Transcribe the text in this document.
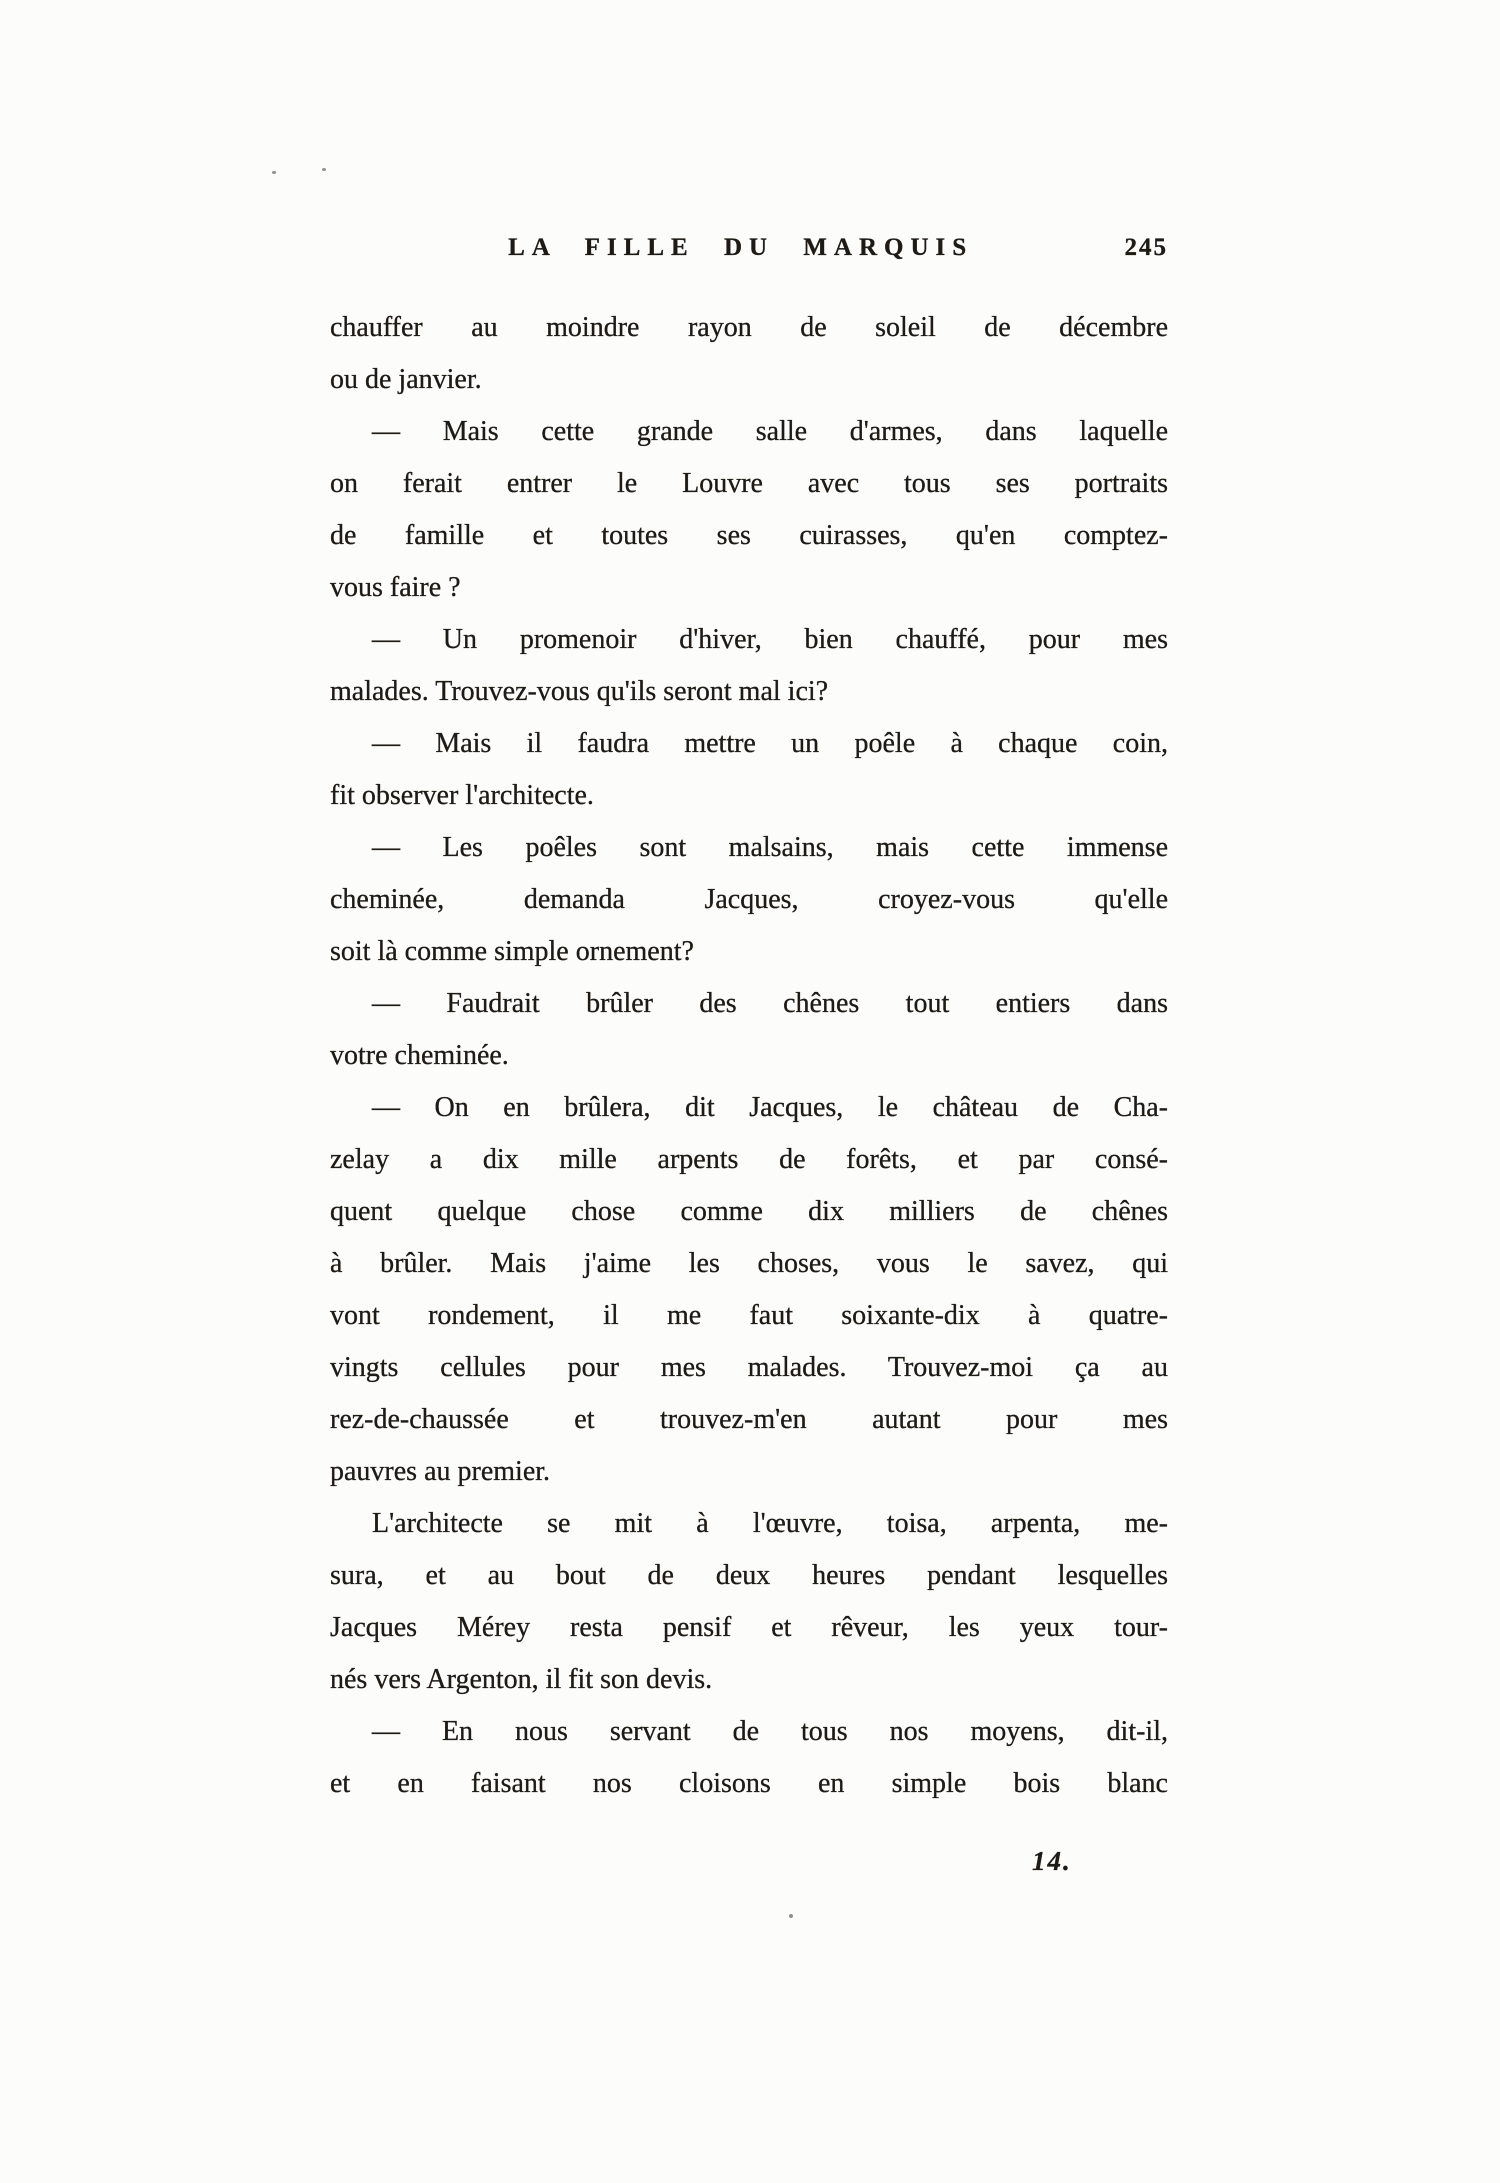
LA FILLE DU MARQUIS	245
chauffer au moindre rayon de soleil de décembre
ou de janvier.
— Mais cette grande salle d'armes, dans laquelle
on ferait entrer le Louvre avec tous ses portraits
de famille et toutes ses cuirasses, qu'en comptez-
vous faire ?
— Un promenoir d'hiver, bien chauffé, pour mes
malades. Trouvez-vous qu'ils seront mal ici?
— Mais il faudra mettre un poêle à chaque coin,
fit observer l'architecte.
— Les poêles sont malsains, mais cette immense
cheminée, demanda Jacques, croyez-vous qu'elle
soit là comme simple ornement?
— Faudrait brûler des chênes tout entiers dans
votre cheminée.
— On en brûlera, dit Jacques, le château de Cha-
zelay a dix mille arpents de forêts, et par consé-
quent quelque chose comme dix milliers de chênes
à brûler. Mais j'aime les choses, vous le savez, qui
vont rondement, il me faut soixante-dix à quatre-
vingts cellules pour mes malades. Trouvez-moi ça au
rez-de-chaussée et trouvez-m'en autant pour mes
pauvres au premier.
L'architecte se mit à l'œuvre, toisa, arpenta, me-
sura, et au bout de deux heures pendant lesquelles
Jacques Mérey resta pensif et rêveur, les yeux tour-
nés vers Argenton, il fit son devis.
— En nous servant de tous nos moyens, dit-il,
et en faisant nos cloisons en simple bois blanc
14.
